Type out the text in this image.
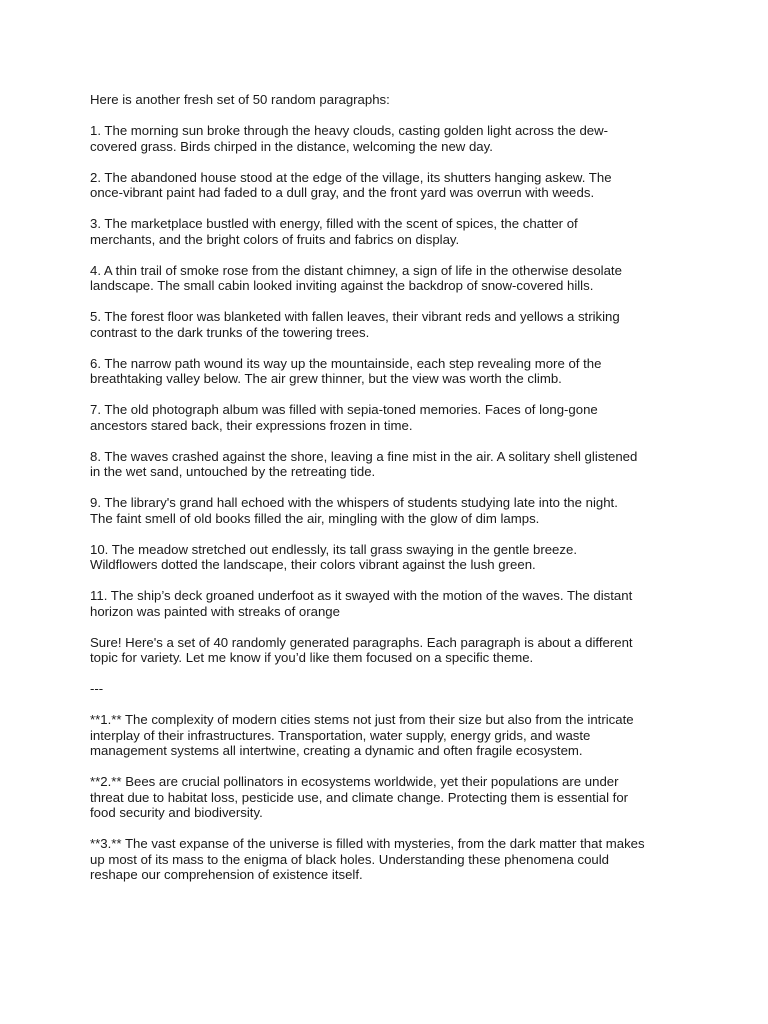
Here is another fresh set of 50 random paragraphs:

1. The morning sun broke through the heavy clouds, casting golden light across the dew-
covered grass. Birds chirped in the distance, welcoming the new day.

2. The abandoned house stood at the edge of the village, its shutters hanging askew. The
once-vibrant paint had faded to a dull gray, and the front yard was overrun with weeds.

3. The marketplace bustled with energy, filled with the scent of spices, the chatter of
merchants, and the bright colors of fruits and fabrics on display.

4. A thin trail of smoke rose from the distant chimney, a sign of life in the otherwise desolate
landscape. The small cabin looked inviting against the backdrop of snow-covered hills.

5. The forest floor was blanketed with fallen leaves, their vibrant reds and yellows a striking
contrast to the dark trunks of the towering trees.

6. The narrow path wound its way up the mountainside, each step revealing more of the
breathtaking valley below. The air grew thinner, but the view was worth the climb.

7. The old photograph album was filled with sepia-toned memories. Faces of long-gone
ancestors stared back, their expressions frozen in time.

8. The waves crashed against the shore, leaving a fine mist in the air. A solitary shell glistened
in the wet sand, untouched by the retreating tide.

9. The library's grand hall echoed with the whispers of students studying late into the night.
The faint smell of old books filled the air, mingling with the glow of dim lamps.

10. The meadow stretched out endlessly, its tall grass swaying in the gentle breeze.
Wildflowers dotted the landscape, their colors vibrant against the lush green.

11. The ship’s deck groaned underfoot as it swayed with the motion of the waves. The distant
horizon was painted with streaks of orange

Sure! Here's a set of 40 randomly generated paragraphs. Each paragraph is about a different
topic for variety. Let me know if you’d like them focused on a specific theme.

---

**1.** The complexity of modern cities stems not just from their size but also from the intricate
interplay of their infrastructures. Transportation, water supply, energy grids, and waste
management systems all intertwine, creating a dynamic and often fragile ecosystem.

**2.** Bees are crucial pollinators in ecosystems worldwide, yet their populations are under
threat due to habitat loss, pesticide use, and climate change. Protecting them is essential for
food security and biodiversity.

**3.** The vast expanse of the universe is filled with mysteries, from the dark matter that makes
up most of its mass to the enigma of black holes. Understanding these phenomena could
reshape our comprehension of existence itself.
